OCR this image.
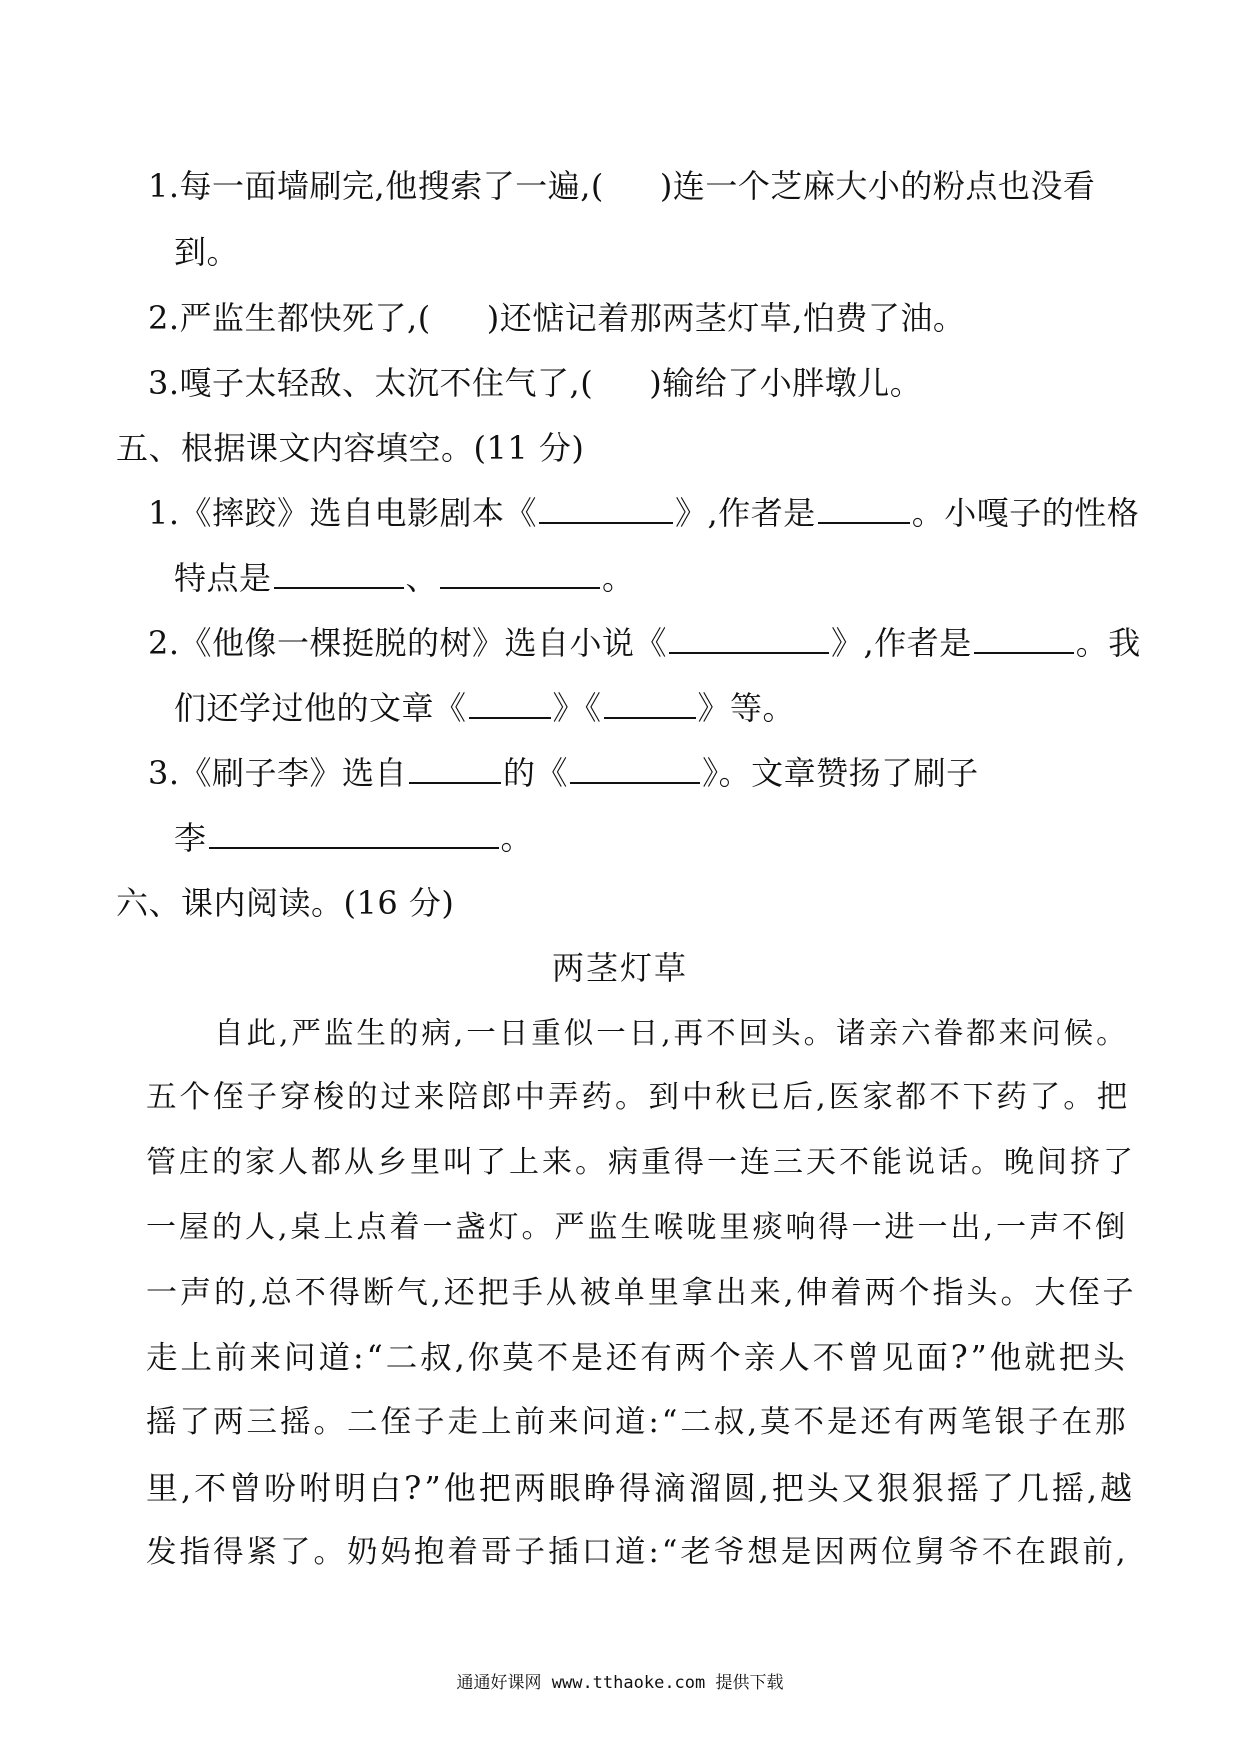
1.每一面墙刷完,他搜索了一遍,( )连一个芝麻大小的粉点也没看
到。
2.严监生都快死了,( )还惦记着那两茎灯草,怕费了油。
3.嘎子太轻敌、太沉不住气了,( )输给了小胖墩儿。
五、根据课文内容填空。(11 分)
1.《摔跤》选自电影剧本《	》,作者是	。小嘎子的性格
特点是	、	。
2.《他像一棵挺脱的树》选自小说《	》,作者是	。我
们还学过他的文章《	》《	》等。
3.《刷子李》选自	的《	》。文章赞扬了刷子
李	。
六、课内阅读。(16 分)
两茎灯草
自此,严监生的病,一日重似一日,再不回头。诸亲六眷都来问候。
五个侄子穿梭的过来陪郎中弄药。到中秋已后,医家都不下药了。把
管庄的家人都从乡里叫了上来。病重得一连三天不能说话。晚间挤了
一屋的人,桌上点着一盏灯。严监生喉咙里痰响得一进一出,一声不倒
一声的,总不得断气,还把手从被单里拿出来,伸着两个指头。大侄子
走上前来问道:“二叔,你莫不是还有两个亲人不曾见面?”他就把头
摇了两三摇。二侄子走上前来问道:“二叔,莫不是还有两笔银子在那
里,不曾吩咐明白?”他把两眼睁得滴溜圆,把头又狠狠摇了几摇,越
发指得紧了。奶妈抱着哥子插口道:“老爷想是因两位舅爷不在跟前,
通通好课网 www.tthaoke.com 提供下载
